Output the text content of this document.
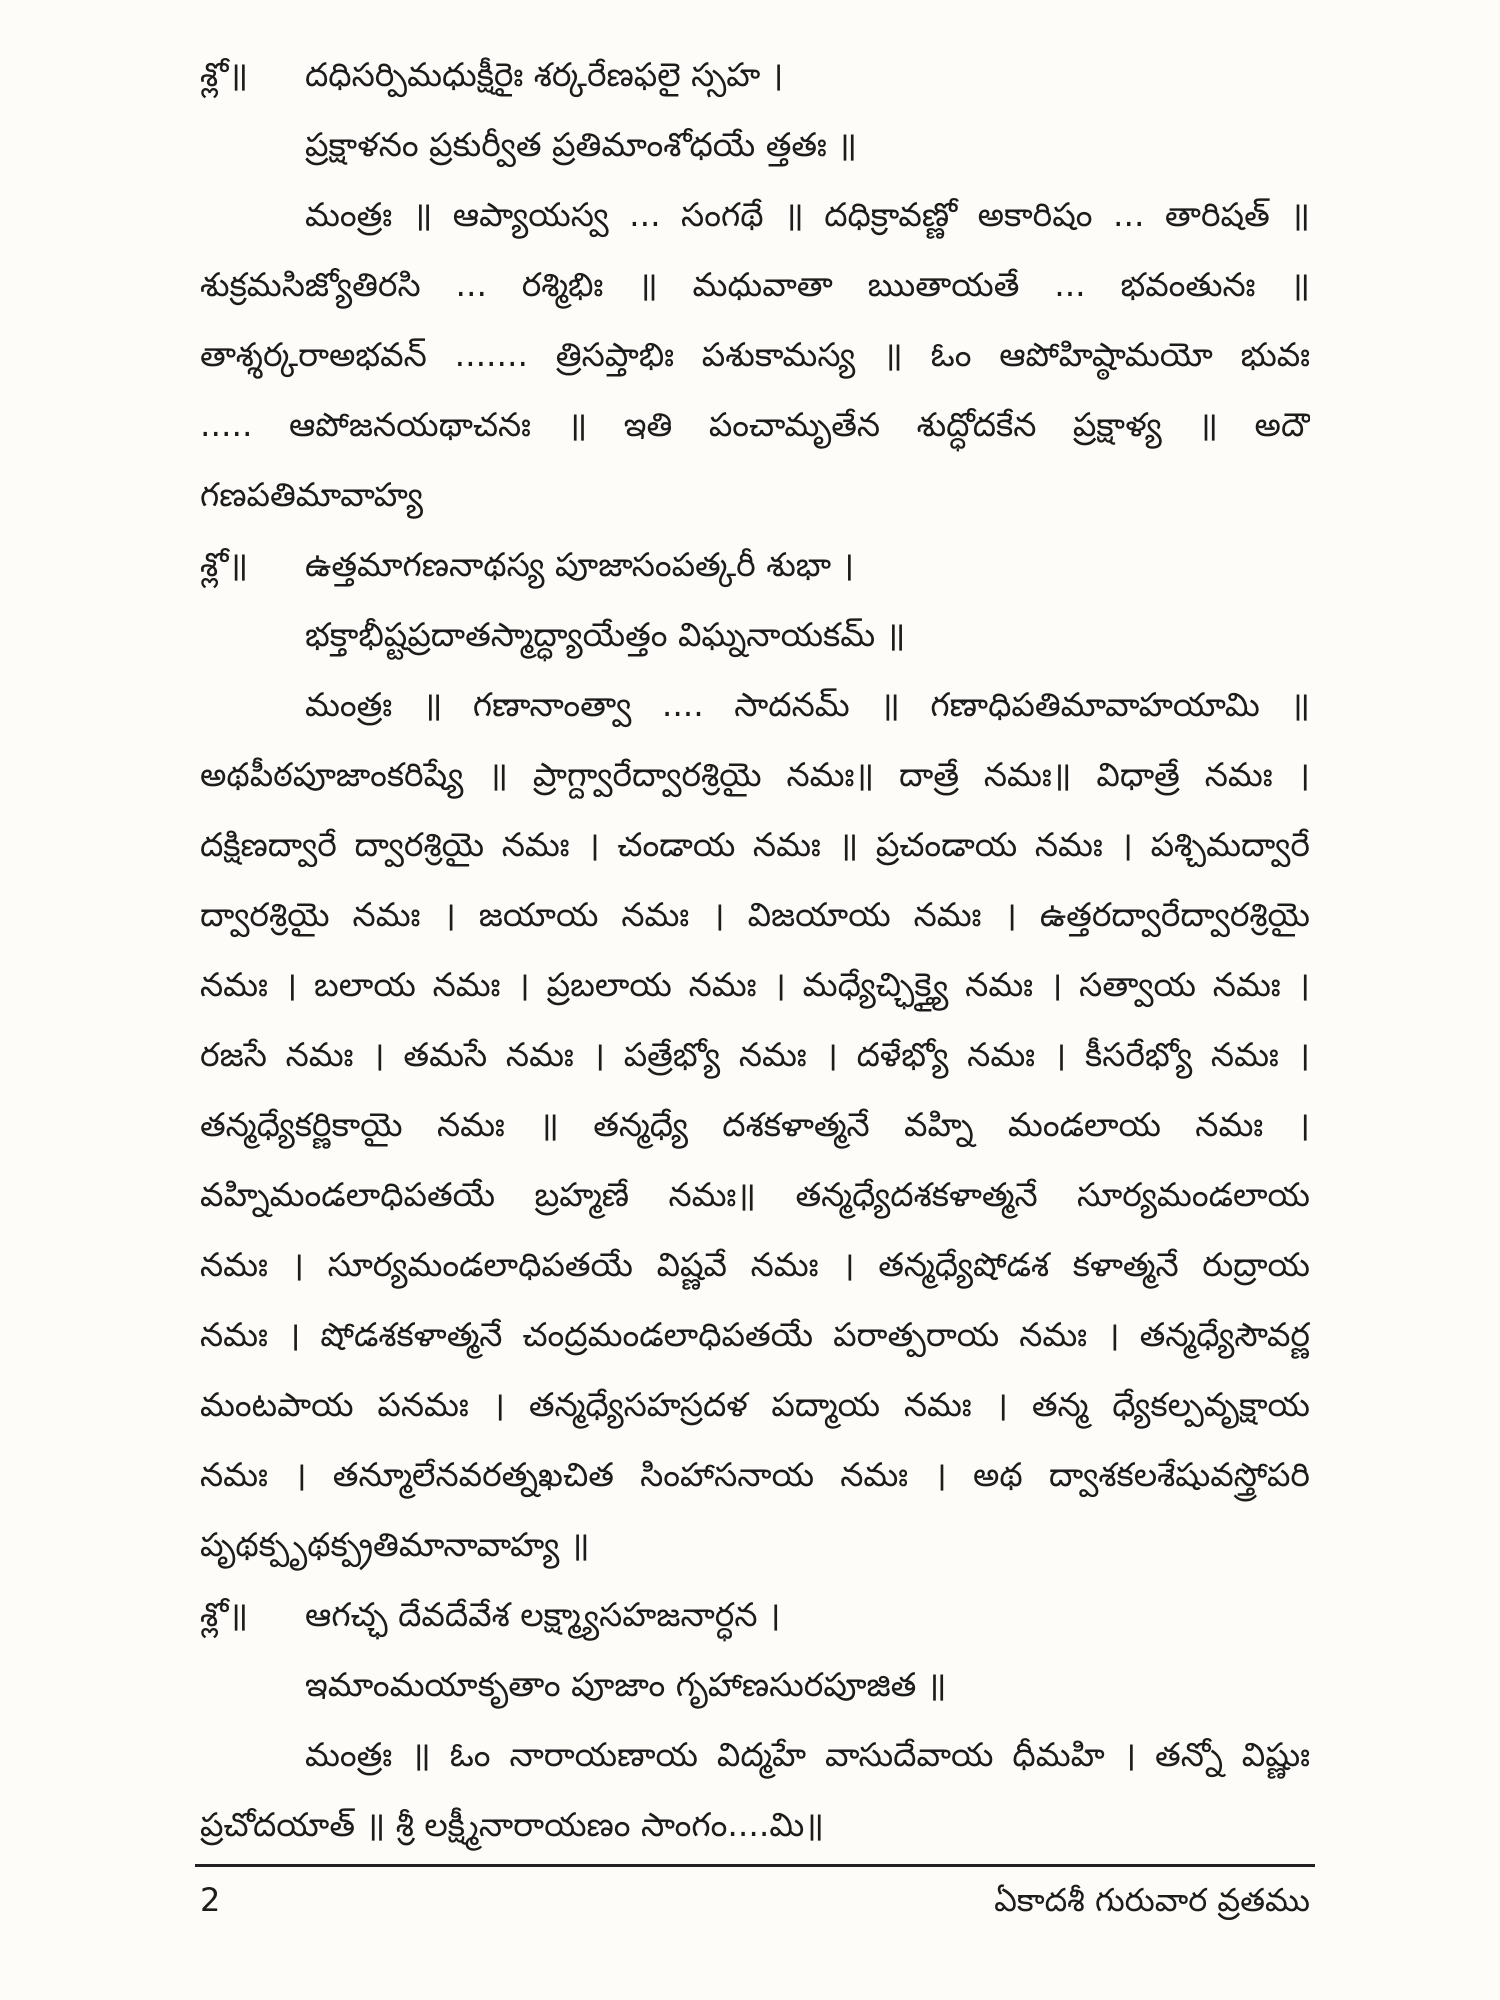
శ్లో॥ దధిసర్పిమధుక్షీరైః శర్కరేణఫలై స్సహ ।
ప్రక్షాళనం ప్రకుర్వీత ప్రతిమాంశోధయే త్తతః ॥
మంత్రః ॥ ఆప్యాయస్వ ... సంగథే ॥ దధిక్రావణ్ణో అకారిషం ... తారిషత్ ॥
శుక్రమసిజ్యోతిరసి ... రశ్మిభిః ॥ మధువాతా ఋతాయతే ... భవంతునః ॥
తాశ్శర్కరాఅభవన్ ....... త్రిసప్తాభిః పశుకామస్య ॥ ఓం ఆపోహిష్ఠామయో భువః
..... ఆపోజనయథాచనః ॥ ఇతి పంచామృతేన శుద్ధోదకేన ప్రక్షాళ్య ॥ అదౌ
గణపతిమావాహ్య
శ్లో॥ ఉత్తమాగణనాథస్య పూజాసంపత్కరీ శుభా ।
భక్తాభీష్టప్రదాతస్మాద్ధ్యాయేత్తం విఘ్ననాయకమ్ ॥
మంత్రః ॥ గణానాంత్వా .... సాదనమ్ ॥ గణాధిపతిమావాహయామి ॥
అథపీఠపూజాంకరిష్యే ॥ ప్రాగ్ద్వారేద్వారశ్రియై నమః॥ దాత్రే నమః॥ విధాత్రే నమః ।
దక్షిణద్వారే ద్వారశ్రియై నమః । చండాయ నమః ॥ ప్రచండాయ నమః । పశ్చిమద్వారే
ద్వారశ్రియై నమః । జయాయ నమః । విజయాయ నమః । ఉత్తరద్వారేద్వారశ్రియై
నమః । బలాయ నమః । ప్రబలాయ నమః । మధ్యేచ్ఛిక్త్యై నమః । సత్వాయ నమః ।
రజసే నమః । తమసే నమః । పత్రేభ్యో నమః । దళేభ్యో నమః । కీసరేభ్యో నమః ।
తన్మధ్యేకర్ణికాయై నమః ॥ తన్మధ్యే దశకళాత్మనే వహ్ని మండలాయ నమః ।
వహ్నిమండలాధిపతయే బ్రహ్మణే నమః॥ తన్మధ్యేదశకళాత్మనే సూర్యమండలాయ
నమః । సూర్యమండలాధిపతయే విష్ణవే నమః । తన్మధ్యేషోడశ కళాత్మనే రుద్రాయ
నమః । షోడశకళాత్మనే చంద్రమండలాధిపతయే పరాత్పరాయ నమః । తన్మధ్యేసౌవర్ణ
మంటపాయ పనమః । తన్మధ్యేసహస్రదళ పద్మాయ నమః । తన్మ ధ్యేకల్పవృక్షాయ
నమః । తన్మూలేనవరత్నఖచిత సింహాసనాయ నమః । అథ ద్వాశకలశేషువస్త్రోపరి
పృథక్పృథక్ప్రతిమానావాహ్య ॥
శ్లో॥ ఆగచ్ఛ దేవదేవేశ లక్ష్మ్యాసహజనార్ధన ।
ఇమాంమయాకృతాం పూజాం గృహాణసురపూజిత ॥
మంత్రః ॥ ఓం నారాయణాయ విద్మహే వాసుదేవాయ ధీమహి । తన్నో విష్ణుః
ప్రచోదయాత్ ॥ శ్రీ లక్ష్మీనారాయణం సాంగం....మి॥
2	ఏకాదశీ గురువార వ్రతము
